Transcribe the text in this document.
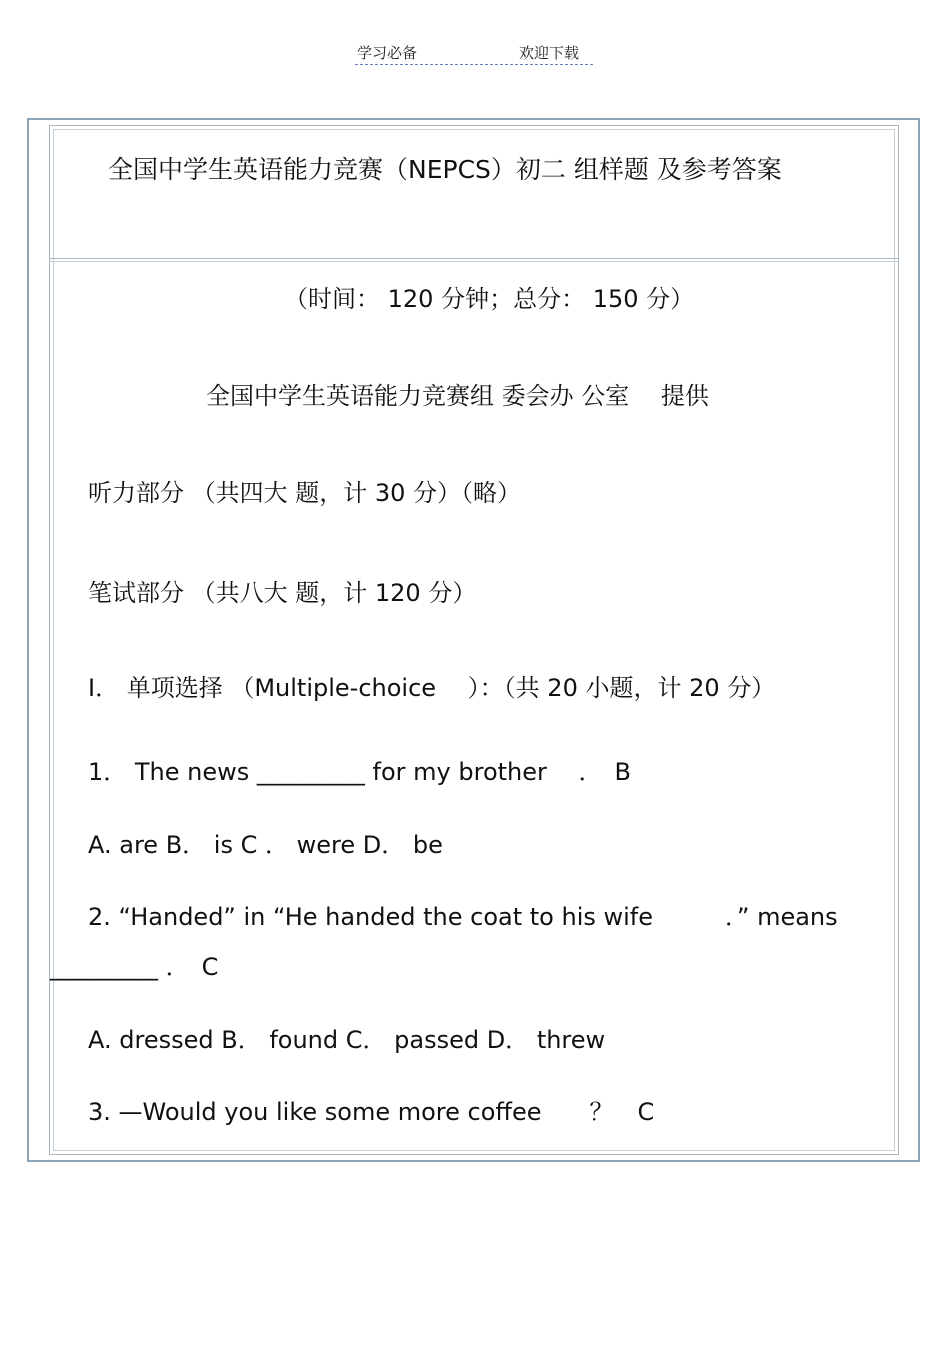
学习必备	欢迎下载
全国中学生英语能力竞赛（NEPCS）初二 组样题 及参考答案
（时间： 120 分钟；总分： 150 分）
全国中学生英语能力竞赛组 委会办 公室　 提供
听力部分 （共四大 题，计 30 分）（略）
笔试部分 （共八大 题，计 120 分）
I． 单项选择 （Multiple-choice　 ）：（共 20 小题，计 20 分）
1． The news _________ for my brother　 ．　B
A. are B． is C ． were D． be
2. “Handed” in “He handed the coat to his wife　　　．” means
_________ ．　C
A. dressed B． found C． passed D． threw
3. —Would you like some more coffee　　？　C
